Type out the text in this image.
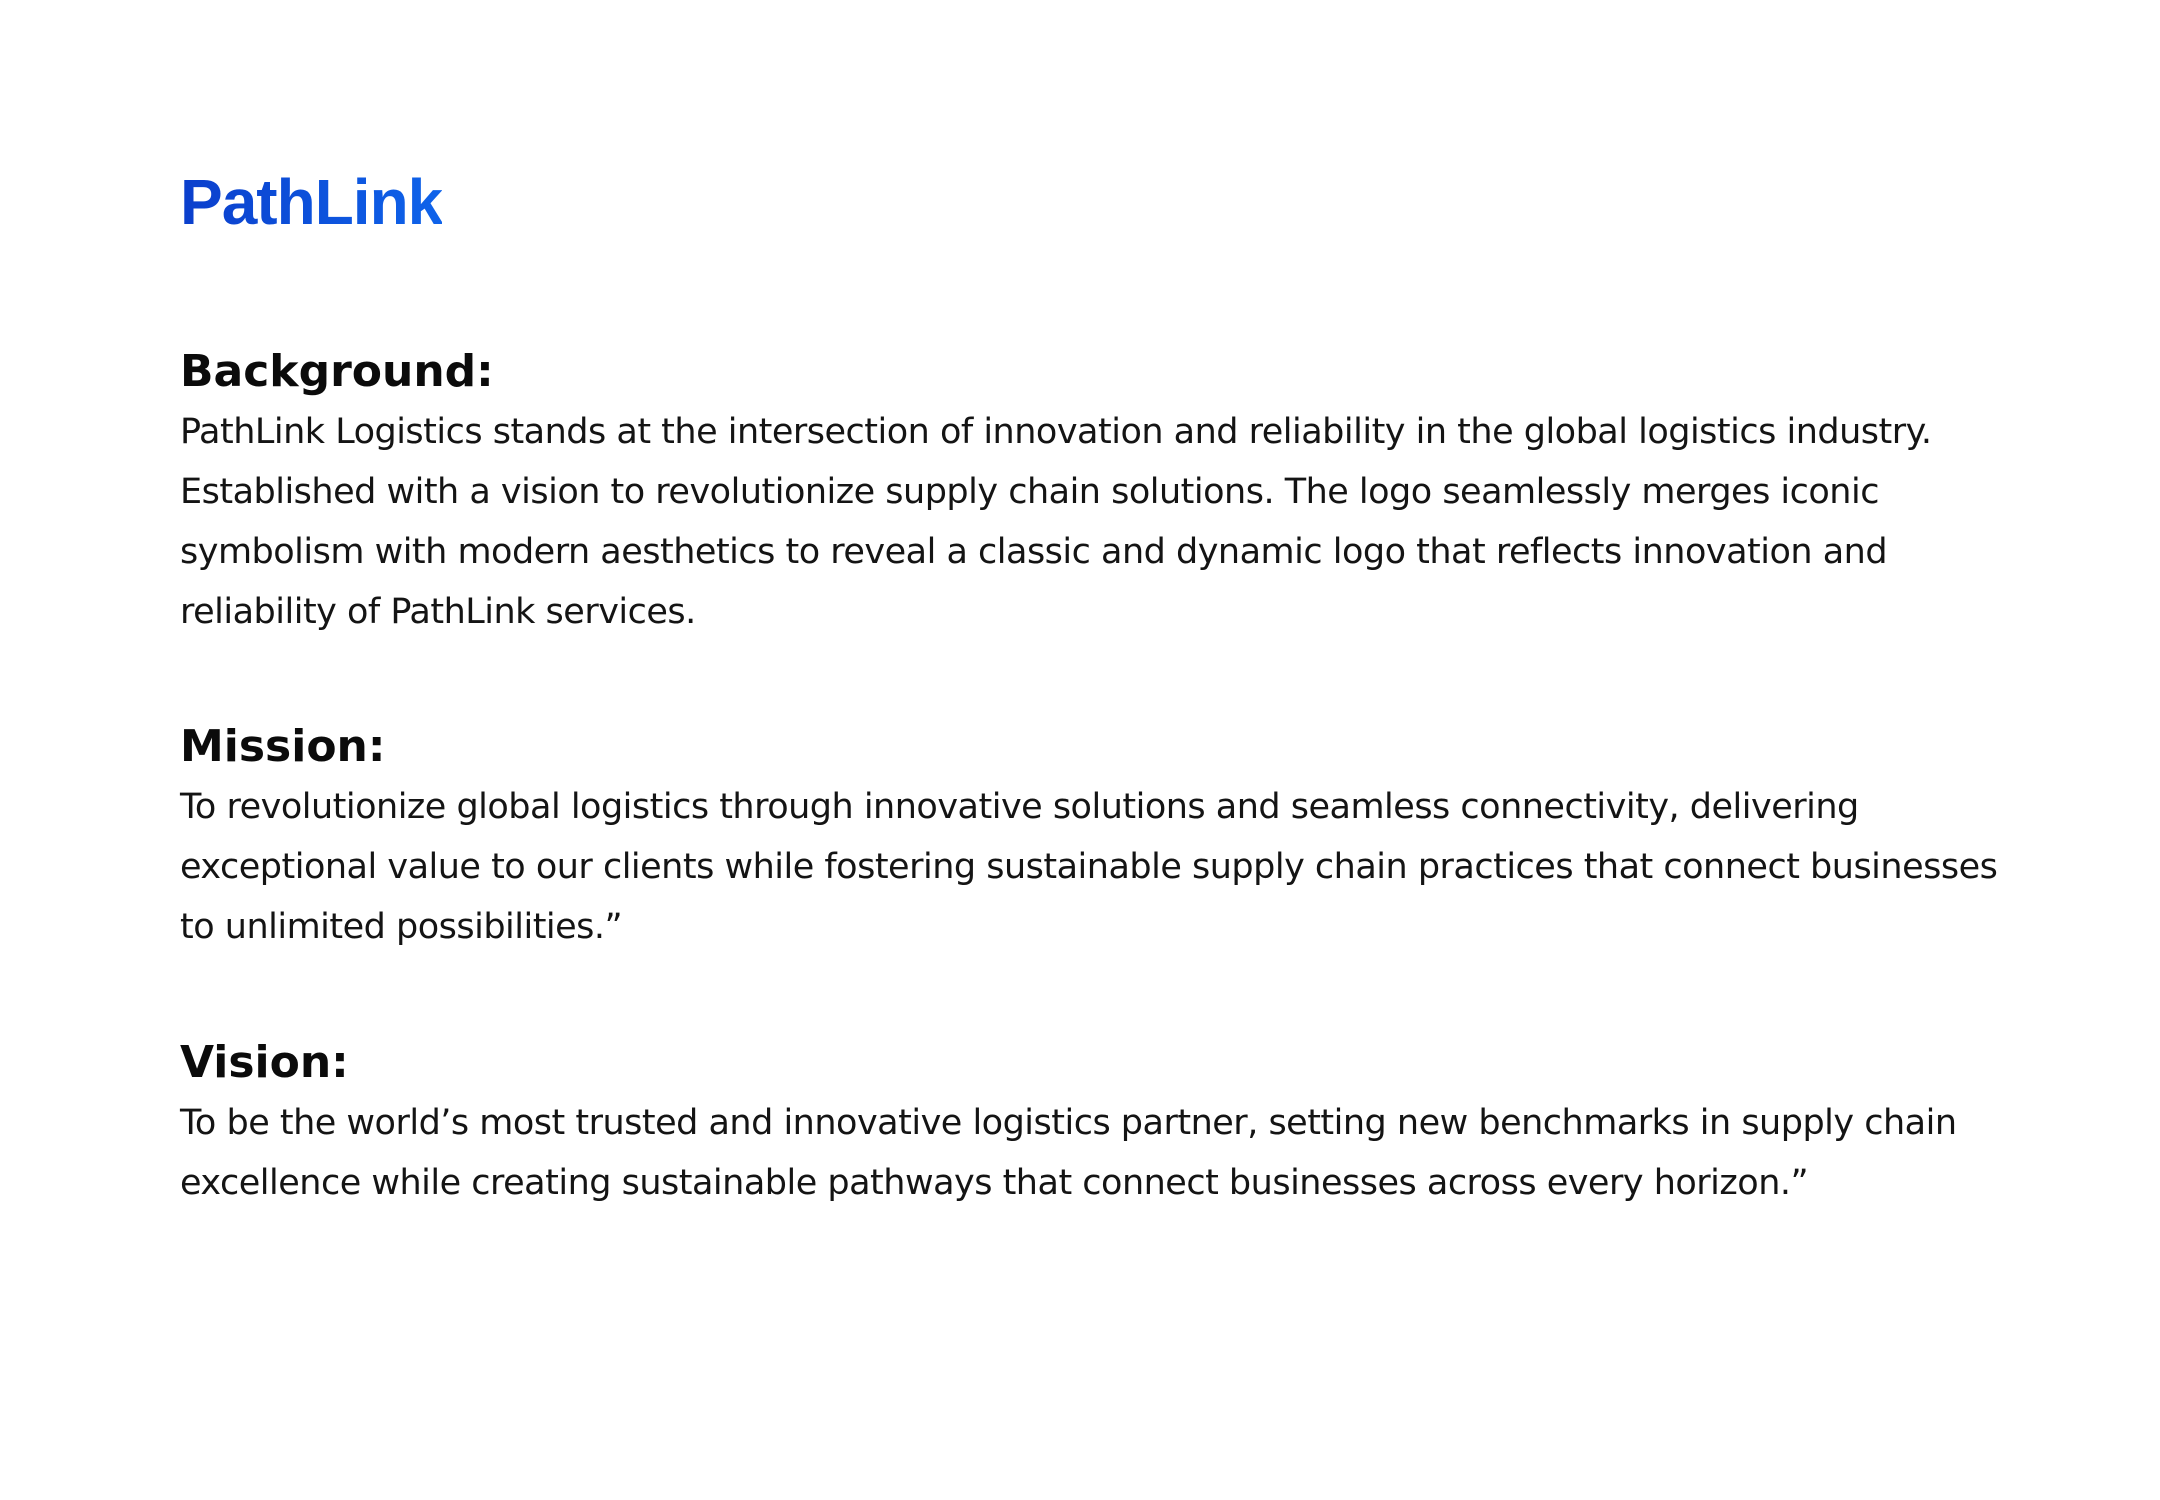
PathLink
Background:

PathLink Logistics stands at the intersection of innovation and reliability in the global logistics industry. Established with a vision to revolutionize supply chain solutions. The logo seamlessly merges iconic symbolism with modern aesthetics to reveal a classic and dynamic logo that reflects innovation and reliability of PathLink services.

Mission:

To revolutionize global logistics through innovative solutions and seamless connectivity, delivering exceptional value to our clients while fostering sustainable supply chain practices that connect businesses to unlimited possibilities.”

Vision:

To be the world’s most trusted and innovative logistics partner, setting new benchmarks in supply chain excellence while creating sustainable pathways that connect businesses across every horizon.”
